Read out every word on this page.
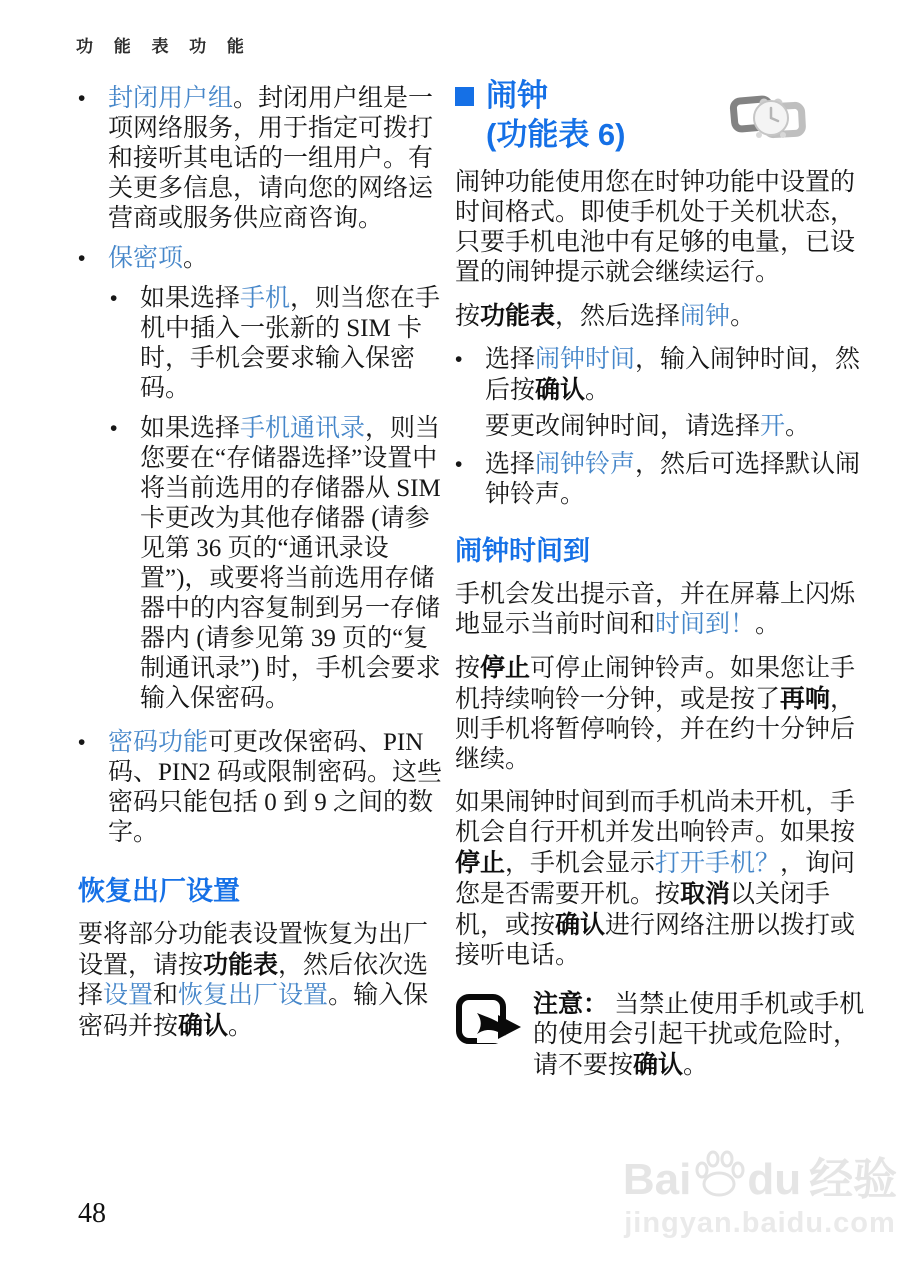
功 能 表 功 能
• 封闭用户组。封闭用户组是一项网络服务，用于指定可拨打和接听其电话的一组用户。有关更多信息，请向您的网络运营商或服务供应商咨询。
• 保密项。
• 如果选择手机，则当您在手机中插入一张新的 SIM 卡时，手机会要求输入保密码。
• 如果选择手机通讯录，则当您要在“存储器选择”设置中将当前选用的存储器从 SIM 卡更改为其他存储器 (请参见第 36 页的“通讯录设置”)，或要将当前选用存储器中的内容复制到另一存储器内 (请参见第 39 页的“复制通讯录”) 时，手机会要求输入保密码。
• 密码功能可更改保密码、PIN 码、PIN2 码或限制密码。这些密码只能包括 0 到 9 之间的数字。
恢复出厂设置
要将部分功能表设置恢复为出厂设置，请按功能表，然后依次选择设置和恢复出厂设置。输入保密码并按确认。
闹钟
(功能表 6)
闹钟功能使用您在时钟功能中设置的时间格式。即使手机处于关机状态，只要手机电池中有足够的电量，已设置的闹钟提示就会继续运行。
按功能表，然后选择闹钟。
• 选择闹钟时间，输入闹钟时间，然后按确认。
要更改闹钟时间，请选择开。
• 选择闹钟铃声，然后可选择默认闹钟铃声。
闹钟时间到
手机会发出提示音，并在屏幕上闪烁地显示当前时间和时间到！。
按停止可停止闹钟铃声。如果您让手机持续响铃一分钟，或是按了再响，则手机将暂停响铃，并在约十分钟后继续。
如果闹钟时间到而手机尚未开机，手机会自行开机并发出响铃声。如果按停止，手机会显示打开手机？，询问您是否需要开机。按取消以关闭手机，或按确认进行网络注册以拨打或接听电话。
注意： 当禁止使用手机或手机的使用会引起干扰或危险时，请不要按确认。
Bai du 经验
jingyan.baidu.com
48
